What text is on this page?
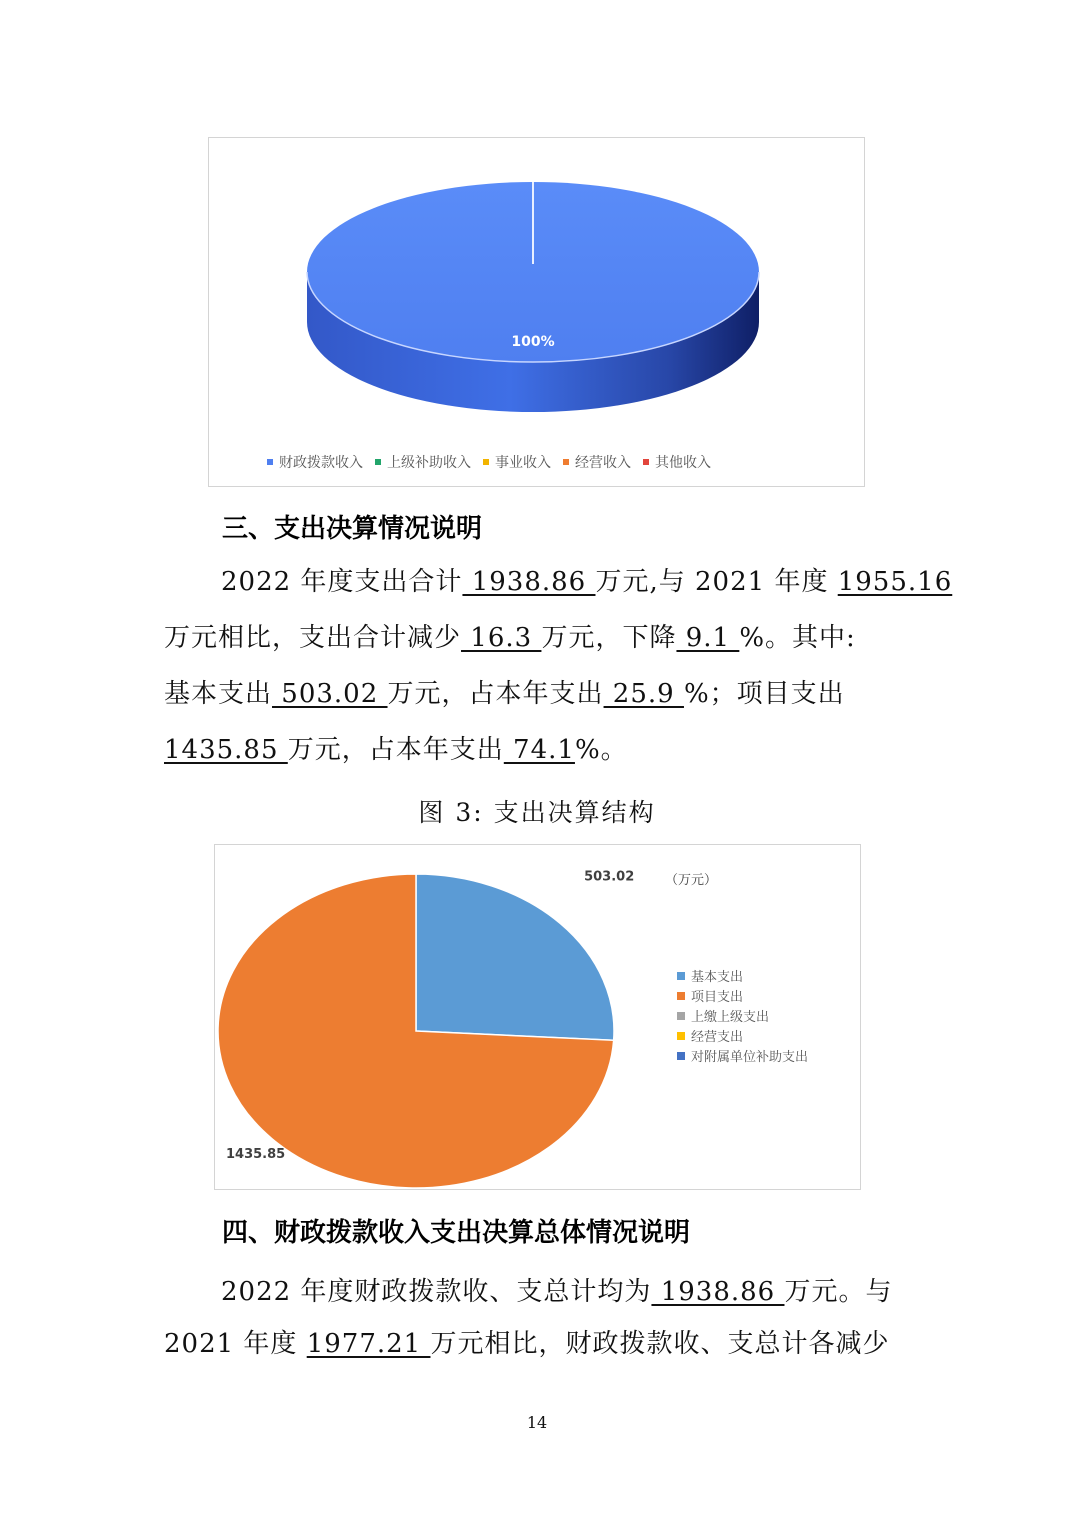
100%
财政拨款收入 上级补助收入 事业收入 经营收入 其他收入
三、支出决算情况说明
2022 年度支出合计 1938.86 万元,与 2021 年度 1955.16
万元相比，支出合计减少 16.3 万元，下降 9.1 %。其中:
基本支出 503.02 万元，占本年支出 25.9 %；项目支出
1435.85 万元，占本年支出 74.1%。
图 3: 支出决算结构
（万元）
503.02
1435.85
基本支出
项目支出
上缴上级支出
经营支出
对附属单位补助支出
四、财政拨款收入支出决算总体情况说明
2022 年度财政拨款收、支总计均为 1938.86 万元。与
2021 年度 1977.21 万元相比，财政拨款收、支总计各减少
14
